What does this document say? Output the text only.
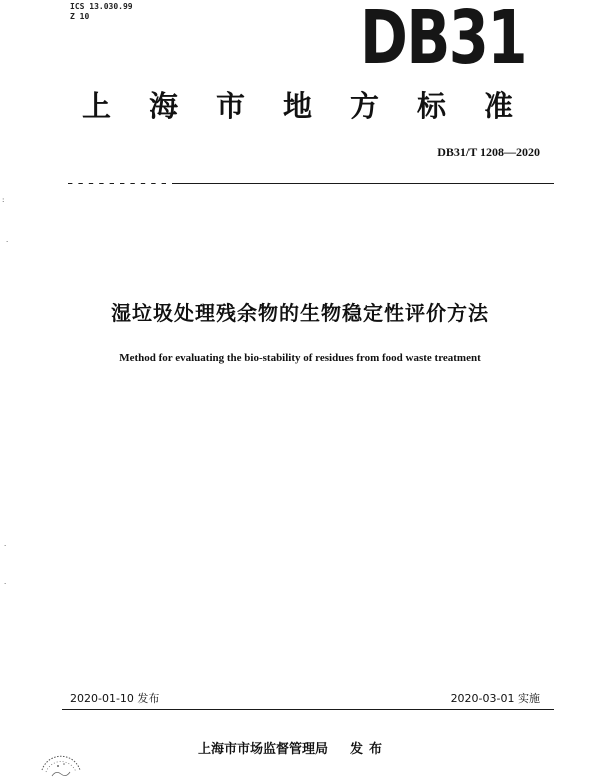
ICS 13.030.99
Z 10	DB31
上海市地方标准
DB31/T 1208—2020
:
.
.
.
湿垃圾处理残余物的生物稳定性评价方法
Method for evaluating the bio-stability of residues from food waste treatment
2020-01-10 发布	2020-03-01 实施
上海市市场监督管理局 发布
